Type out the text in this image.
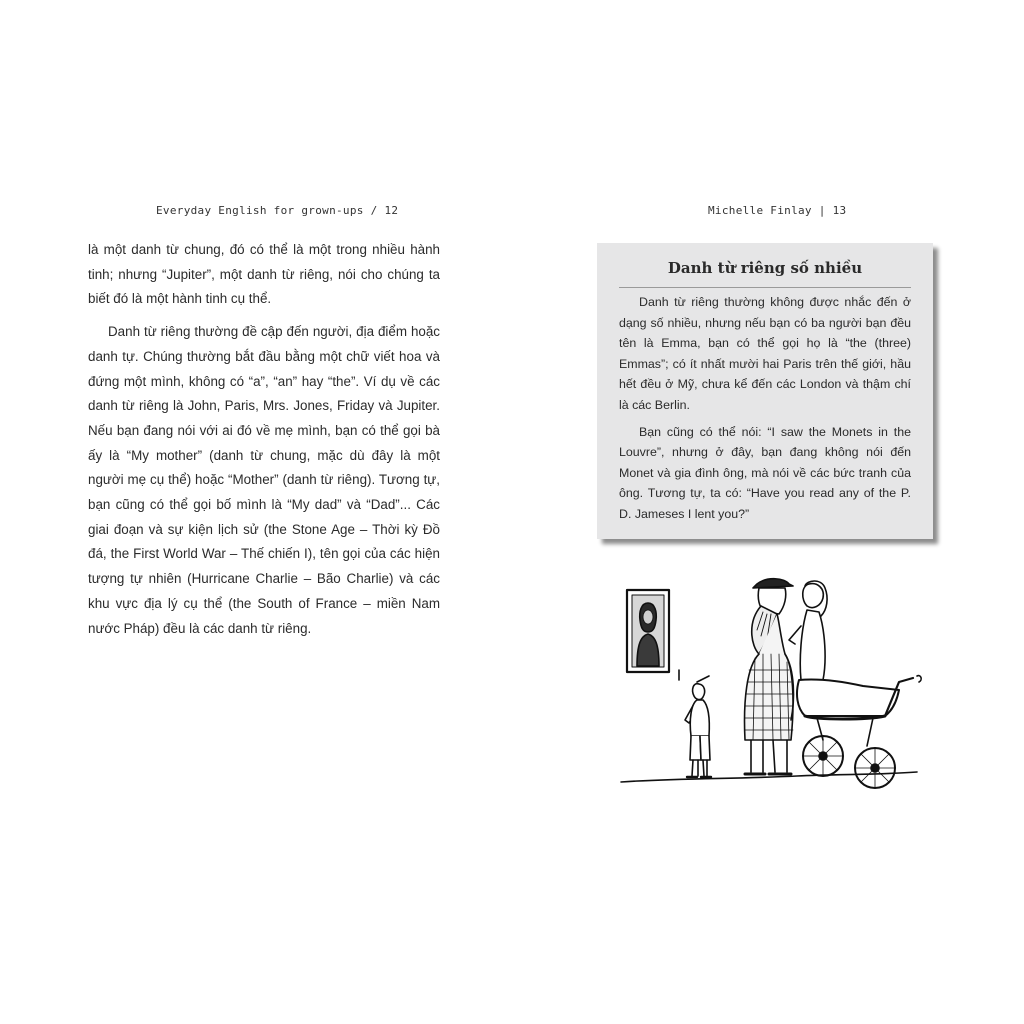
Everyday English for grown-ups / 12

là một danh từ chung, đó có thể là một trong nhiều hành tinh; nhưng “Jupiter”, một danh từ riêng, nói cho chúng ta biết đó là một hành tinh cụ thể.

Danh từ riêng thường đề cập đến người, địa điểm hoặc danh tự. Chúng thường bắt đầu bằng một chữ viết hoa và đứng một mình, không có “a”, “an” hay “the”. Ví dụ về các danh từ riêng là John, Paris, Mrs. Jones, Friday và Jupiter. Nếu bạn đang nói với ai đó về mẹ mình, bạn có thể gọi bà ấy là “My mother” (danh từ chung, mặc dù đây là một người mẹ cụ thể) hoặc “Mother” (danh từ riêng). Tương tự, bạn cũng có thể gọi bố mình là “My dad” và “Dad”... Các giai đoạn và sự kiện lịch sử (the Stone Age – Thời kỳ Đồ đá, the First World War – Thế chiến I), tên gọi của các hiện tượng tự nhiên (Hurricane Charlie – Bão Charlie) và các khu vực địa lý cụ thể (the South of France – miền Nam nước Pháp) đều là các danh từ riêng.

Michelle Finlay | 13
Danh từ riêng số nhiều

Danh từ riêng thường không được nhắc đến ở dạng số nhiều, nhưng nếu bạn có ba người bạn đều tên là Emma, bạn có thể gọi họ là “the (three) Emmas”; có ít nhất mười hai Paris trên thế giới, hầu hết đều ở Mỹ, chưa kể đến các London và thậm chí là các Berlin.

Bạn cũng có thể nói: “I saw the Monets in the Louvre”, nhưng ở đây, bạn đang không nói đến Monet và gia đình ông, mà nói về các bức tranh của ông. Tương tự, ta có: “Have you read any of the P. D. Jameses I lent you?”
